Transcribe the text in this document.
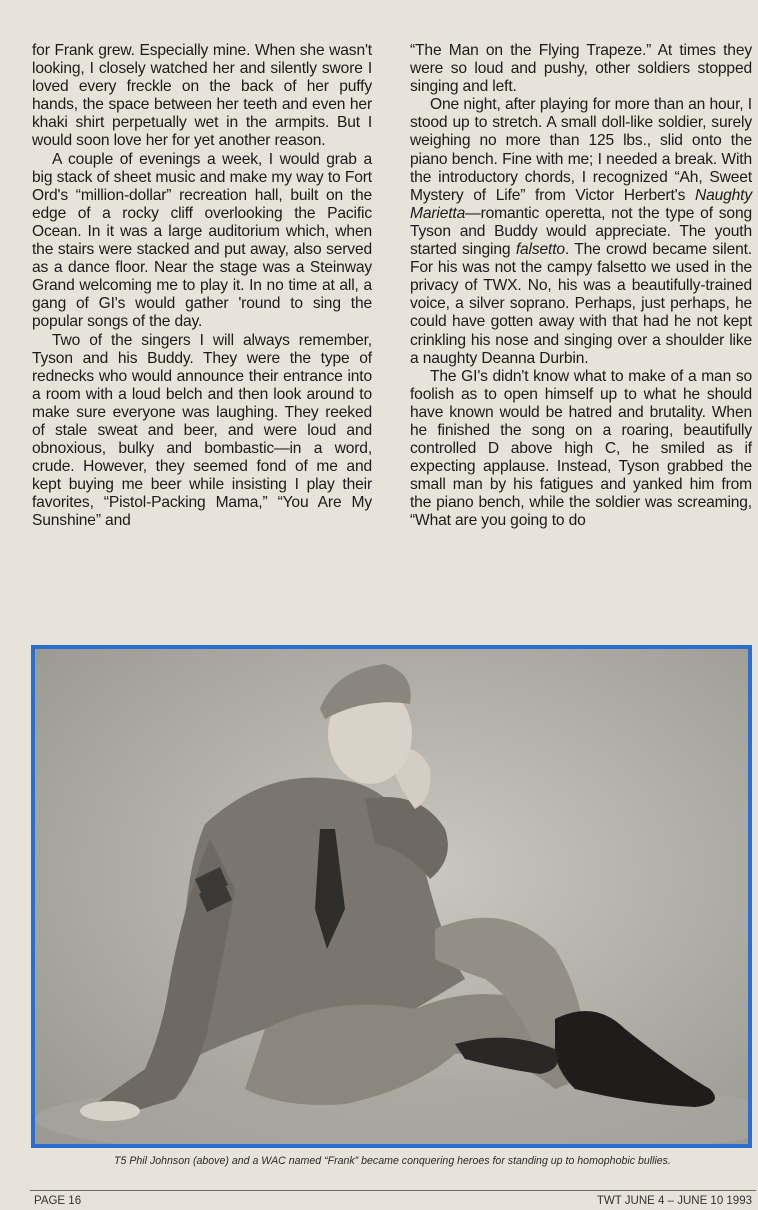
for Frank grew. Especially mine. When she wasn't looking, I closely watched her and silently swore I loved every freckle on the back of her puffy hands, the space between her teeth and even her khaki shirt perpetually wet in the armpits. But I would soon love her for yet another reason.

A couple of evenings a week, I would grab a big stack of sheet music and make my way to Fort Ord's “million-dollar” recreation hall, built on the edge of a rocky cliff overlooking the Pacific Ocean. In it was a large auditorium which, when the stairs were stacked and put away, also served as a dance floor. Near the stage was a Steinway Grand welcoming me to play it. In no time at all, a gang of GI's would gather 'round to sing the popular songs of the day.

Two of the singers I will always remember, Tyson and his Buddy. They were the type of rednecks who would announce their entrance into a room with a loud belch and then look around to make sure everyone was laughing. They reeked of stale sweat and beer, and were loud and obnoxious, bulky and bombastic—in a word, crude. However, they seemed fond of me and kept buying me beer while insisting I play their favorites, “Pistol-Packing Mama,” “You Are My Sunshine” and

“The Man on the Flying Trapeze.” At times they were so loud and pushy, other soldiers stopped singing and left.

One night, after playing for more than an hour, I stood up to stretch. A small doll-like soldier, surely weighing no more than 125 lbs., slid onto the piano bench. Fine with me; I needed a break. With the introductory chords, I recognized “Ah, Sweet Mystery of Life” from Victor Herbert's Naughty Marietta—romantic operetta, not the type of song Tyson and Buddy would appreciate. The youth started singing falsetto. The crowd became silent. For his was not the campy falsetto we used in the privacy of TWX. No, his was a beautifully-trained voice, a silver soprano. Perhaps, just perhaps, he could have gotten away with that had he not kept crinkling his nose and singing over a shoulder like a naughty Deanna Durbin.

The GI's didn't know what to make of a man so foolish as to open himself up to what he should have known would be hatred and brutality. When he finished the song on a roaring, beautifully controlled D above high C, he smiled as if expecting applause. Instead, Tyson grabbed the small man by his fatigues and yanked him from the piano bench, while the soldier was screaming, “What are you going to do

T5 Phil Johnson (above) and a WAC named “Frank” became conquering heroes for standing up to homophobic bullies.
PAGE 16	TWT JUNE 4 – JUNE 10 1993
